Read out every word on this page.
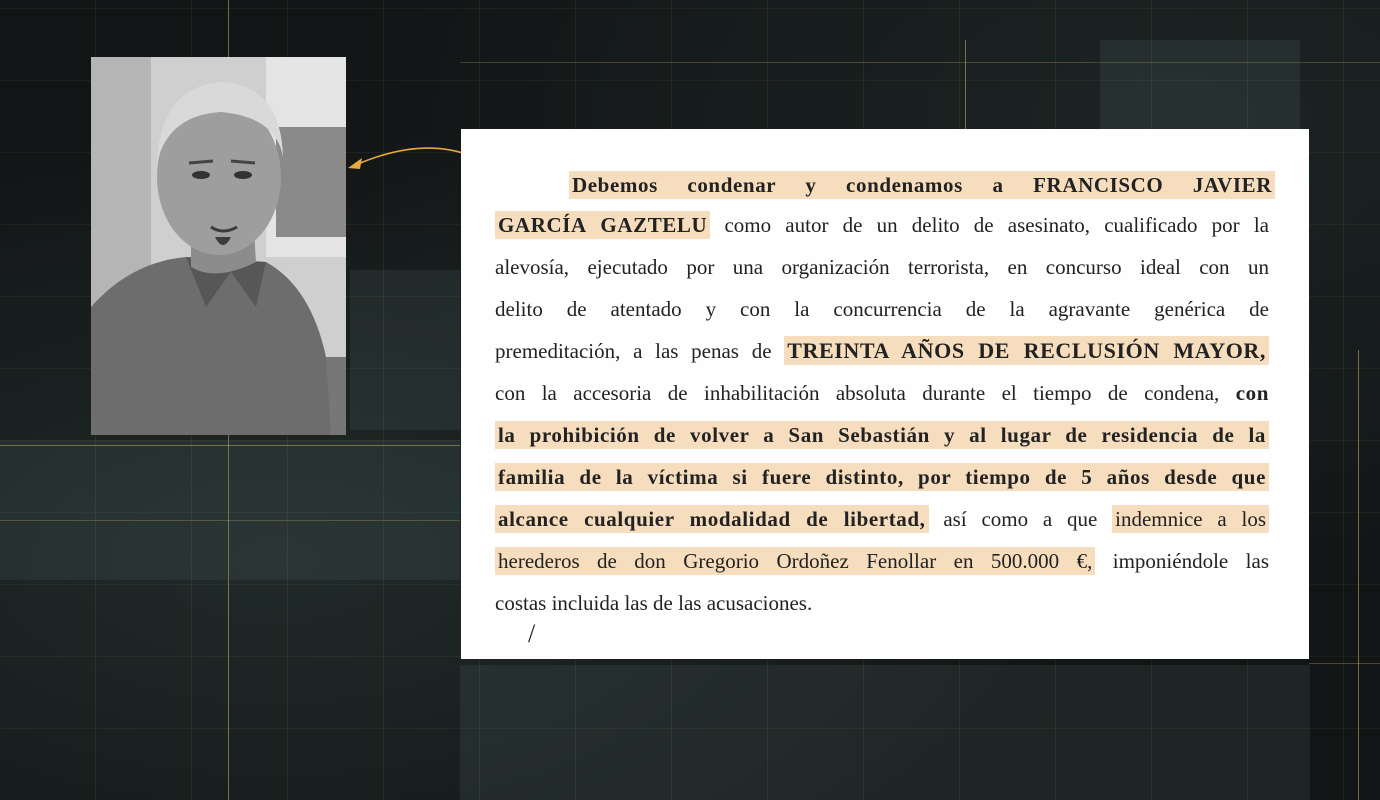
Debemos condenar y condenamos a FRANCISCO JAVIER
GARCÍA GAZTELU como autor de un delito de asesinato, cualificado por la
alevosía, ejecutado por una organización terrorista, en concurso ideal con un
delito de atentado y con la concurrencia de la agravante genérica de
premeditación, a las penas de TREINTA AÑOS DE RECLUSIÓN MAYOR,
con la accesoria de inhabilitación absoluta durante el tiempo de condena, con
la prohibición de volver a San Sebastián y al lugar de residencia de la
familia de la víctima si fuere distinto, por tiempo de 5 años desde que
alcance cualquier modalidad de libertad, así como a que indemnice a los
herederos de don Gregorio Ordoñez Fenollar en 500.000 €, imponiéndole las
costas incluida las de las acusaciones.
/
